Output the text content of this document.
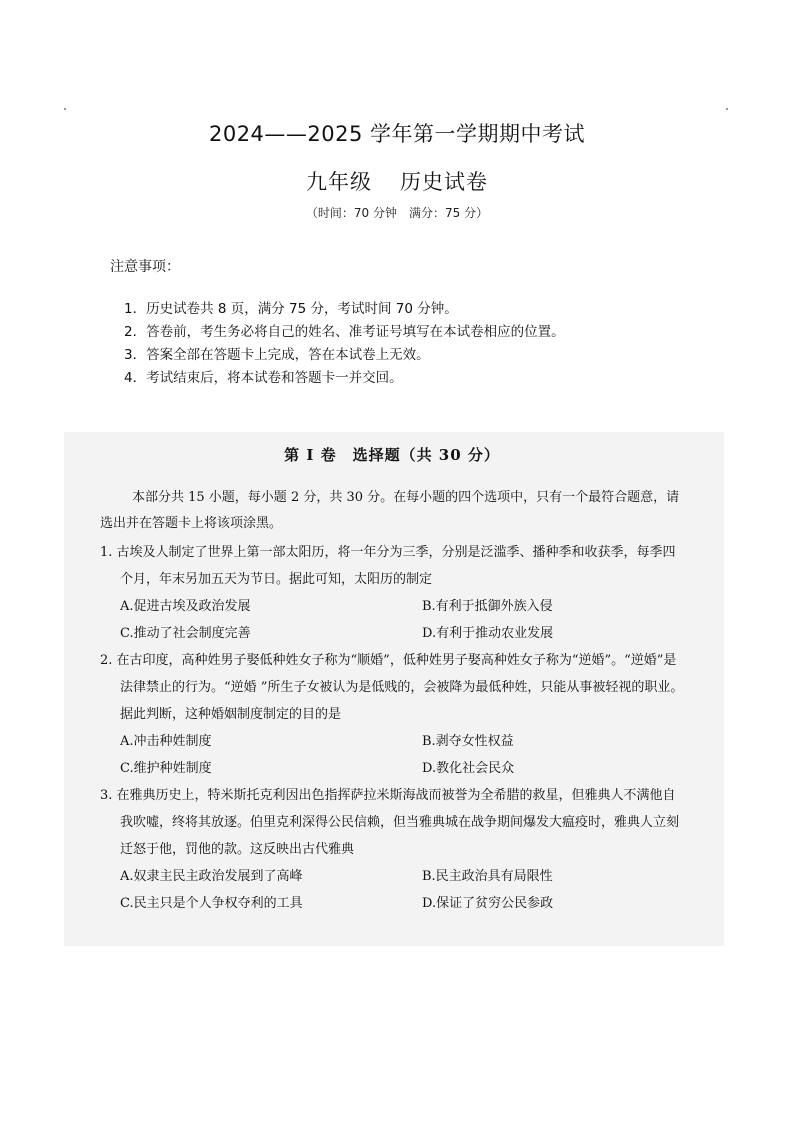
2024——2025 学年第一学期期中考试
九年级 历史试卷
（时间：70 分钟　满分：75 分）
注意事项：
1．历史试卷共 8 页，满分 75 分，考试时间 70 分钟。
2．答卷前，考生务必将自己的姓名、准考证号填写在本试卷相应的位置。
3．答案全部在答题卡上完成，答在本试卷上无效。
4．考试结束后，将本试卷和答题卡一并交回。
第 I 卷　选择题（共 30 分）
本部分共 15 小题，每小题 2 分，共 30 分。在每小题的四个选项中，只有一个最符合题意，请选出并在答题卡上将该项涂黑。
1. 古埃及人制定了世界上第一部太阳历，将一年分为三季，分别是泛滥季、播种季和收获季，每季四个月，年末另加五天为节日。据此可知，太阳历的制定
A.促进古埃及政治发展	B.有利于抵御外族入侵
C.推动了社会制度完善	D.有利于推动农业发展
2. 在古印度，高种姓男子娶低种姓女子称为“顺婚”，低种姓男子娶高种姓女子称为“逆婚”。“逆婚”是法律禁止的行为。“逆婚 ”所生子女被认为是低贱的，会被降为最低种姓，只能从事被轻视的职业。据此判断，这种婚姻制度制定的目的是
A.冲击种姓制度	B.剥夺女性权益
C.维护种姓制度	D.教化社会民众
3. 在雅典历史上，特米斯托克利因出色指挥萨拉米斯海战而被誉为全希腊的救星，但雅典人不满他自我吹嘘，终将其放逐。伯里克利深得公民信赖，但当雅典城在战争期间爆发大瘟疫时，雅典人立刻迁怒于他，罚他的款。这反映出古代雅典
A.奴隶主民主政治发展到了高峰	B.民主政治具有局限性
C.民主只是个人争权夺利的工具	D.保证了贫穷公民参政
